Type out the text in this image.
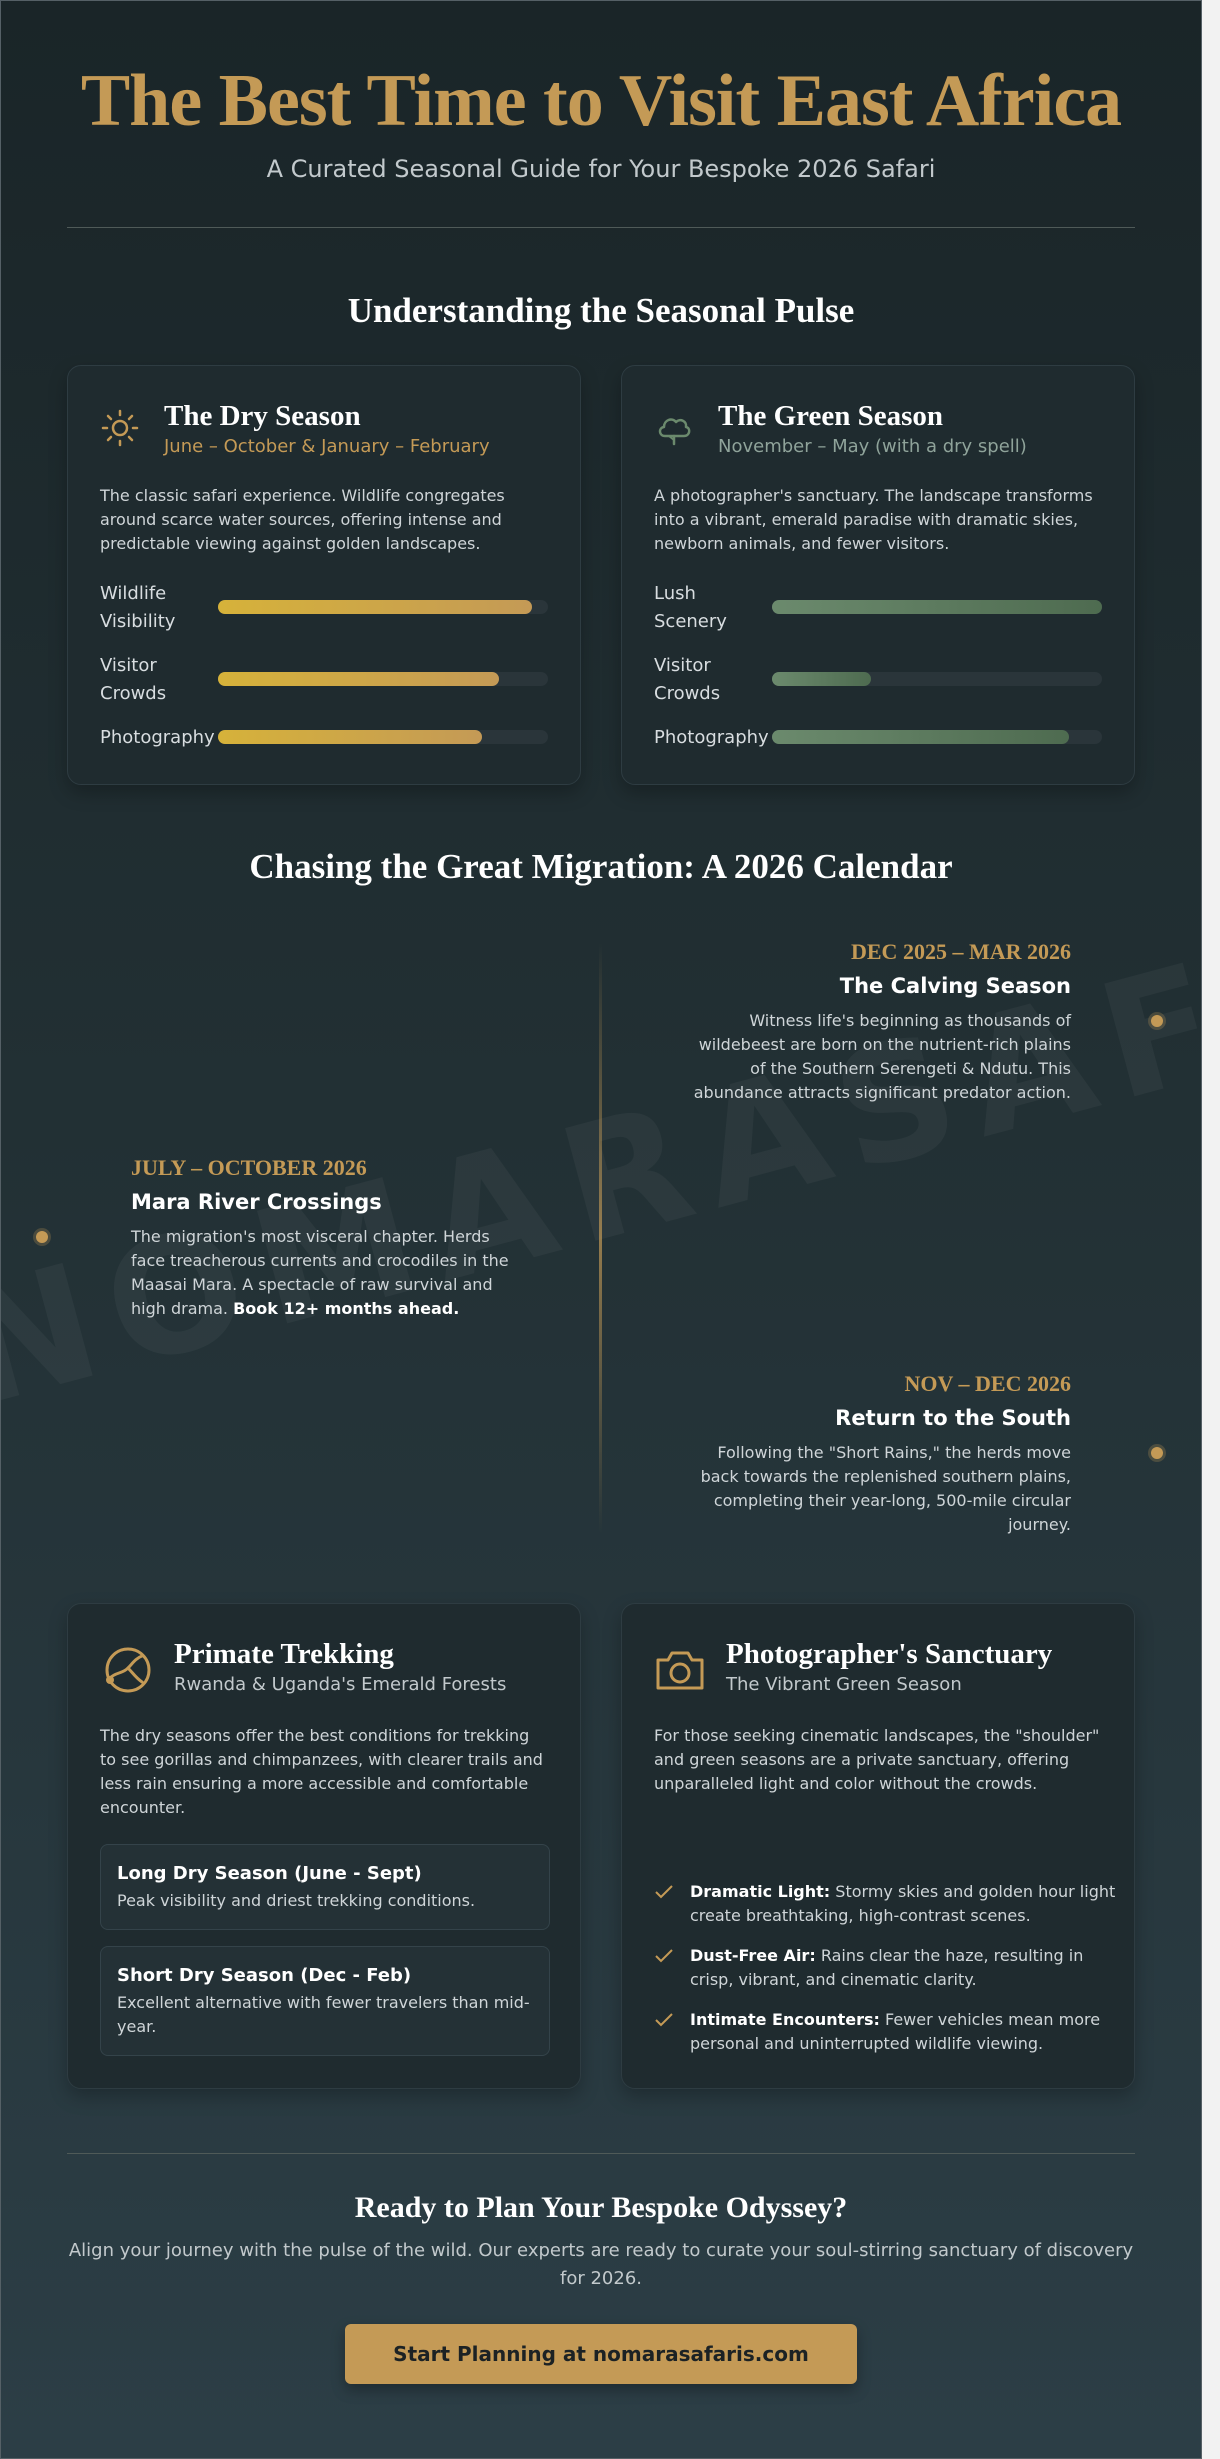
The Best Time to Visit East Africa
A Curated Seasonal Guide for Your Bespoke 2026 Safari
Understanding the Seasonal Pulse
The Dry Season
June – October & January – February

The classic safari experience. Wildlife congregates around scarce water sources, offering intense and predictable viewing against golden landscapes.

Wildlife Visibility
Visitor Crowds
Photography
The Green Season
November – May (with a dry spell)

A photographer's sanctuary. The landscape transforms into a vibrant, emerald paradise with dramatic skies, newborn animals, and fewer visitors.

Lush Scenery
Visitor Crowds
Photography
Chasing the Great Migration: A 2026 Calendar
DEC 2025 – MAR 2026
The Calving Season

Witness life's beginning as thousands of wildebeest are born on the nutrient-rich plains of the Southern Serengeti & Ndutu. This abundance attracts significant predator action.

JULY – OCTOBER 2026
Mara River Crossings

The migration's most visceral chapter. Herds face treacherous currents and crocodiles in the Maasai Mara. A spectacle of raw survival and high drama. Book 12+ months ahead.

NOV – DEC 2026
Return to the South

Following the "Short Rains," the herds move back towards the replenished southern plains, completing their year-long, 500-mile circular journey.

Primate Trekking
Rwanda & Uganda's Emerald Forests

The dry seasons offer the best conditions for trekking to see gorillas and chimpanzees, with clearer trails and less rain ensuring a more accessible and comfortable encounter.

Long Dry Season (June - Sept)
Peak visibility and driest trekking conditions.
Short Dry Season (Dec - Feb)
Excellent alternative with fewer travelers than mid-year.
Photographer's Sanctuary
The Vibrant Green Season

For those seeking cinematic landscapes, the "shoulder" and green seasons are a private sanctuary, offering unparalleled light and color without the crowds.

Dramatic Light: Stormy skies and golden hour light create breathtaking, high-contrast scenes.
Dust-Free Air: Rains clear the haze, resulting in crisp, vibrant, and cinematic clarity.
Intimate Encounters: Fewer vehicles mean more personal and uninterrupted wildlife viewing.
Ready to Plan Your Bespoke Odyssey?
Align your journey with the pulse of the wild. Our experts are ready to curate your soul-stirring sanctuary of discovery for 2026.
Start Planning at nomarasafaris.com
